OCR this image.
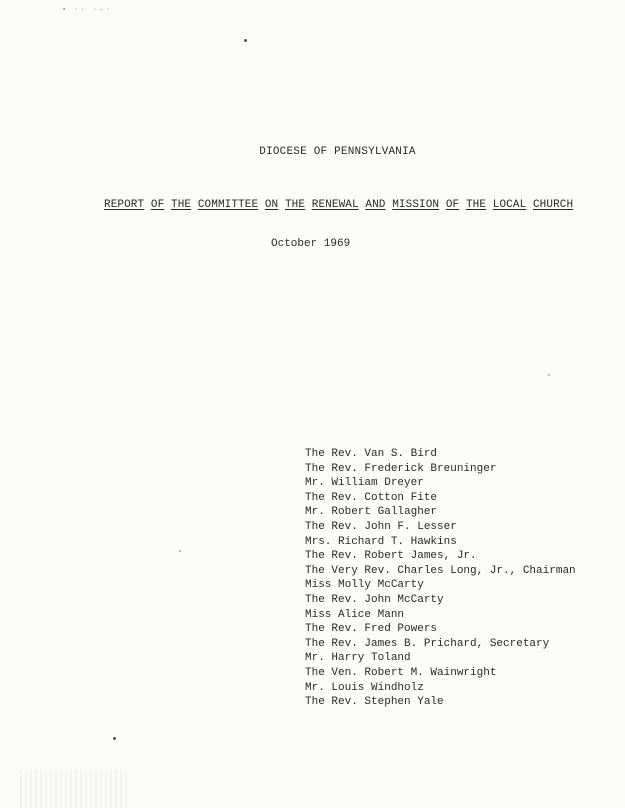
▪ ·· ·–·
DIOCESE OF PENNSYLVANIA
REPORT OF THE COMMITTEE ON THE RENEWAL AND MISSION OF THE LOCAL CHURCH
October 1969
The Rev. Van S. Bird
The Rev. Frederick Breuninger
Mr. William Dreyer
The Rev. Cotton Fite
Mr. Robert Gallagher
The Rev. John F. Lesser
Mrs. Richard T. Hawkins
The Rev. Robert James, Jr.
The Very Rev. Charles Long, Jr., Chairman
Miss Molly McCarty
The Rev. John McCarty
Miss Alice Mann
The Rev. Fred Powers
The Rev. James B. Prichard, Secretary
Mr. Harry Toland
The Ven. Robert M. Wainwright
Mr. Louis Windholz
The Rev. Stephen Yale
